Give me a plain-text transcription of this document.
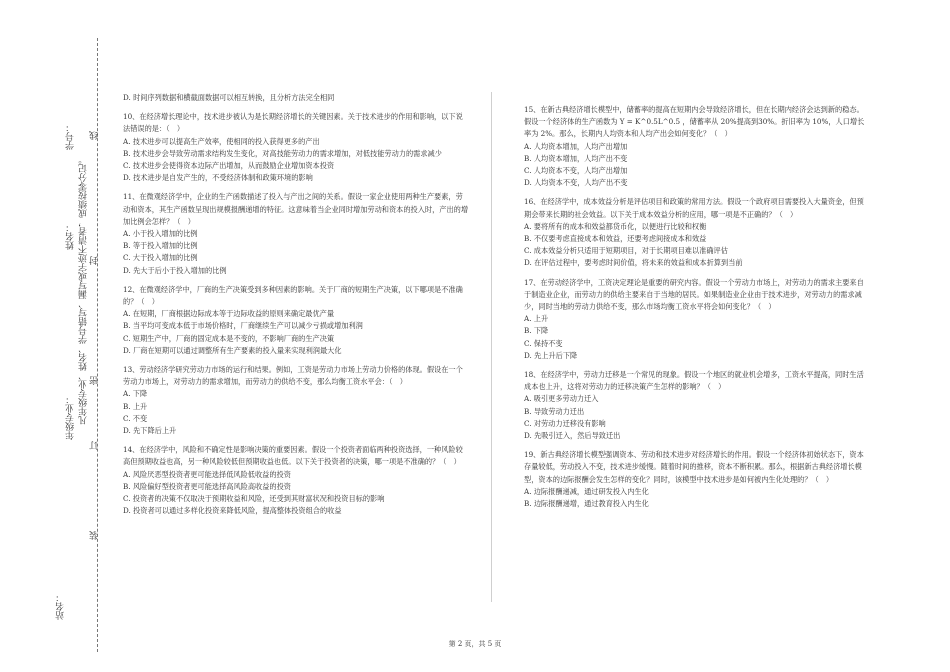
站名：
年级专业：
姓名：
学号：
凡年级专业、姓名、学号错写、漏写或字迹不清者，成绩按零分记。
线
封
密
订
装

D. 时间序列数据和横截面数据可以相互转换，且分析方法完全相同

10、在经济增长理论中，技术进步被认为是长期经济增长的关键因素。关于技术进步的作用和影响，以下说法错误的是：（　）

A. 技术进步可以提高生产效率，使相同的投入获得更多的产出

B. 技术进步会导致劳动需求结构发生变化，对高技能劳动力的需求增加，对低技能劳动力的需求减少

C. 技术进步会使得资本边际产出增加，从而鼓励企业增加资本投资

D. 技术进步是自发产生的，不受经济体制和政策环境的影响

11、在微观经济学中，企业的生产函数描述了投入与产出之间的关系。假设一家企业使用两种生产要素，劳动和资本，其生产函数呈现出规模报酬递增的特征。这意味着当企业同时增加劳动和资本的投入时，产出的增加比例会怎样？（　）

A. 小于投入增加的比例

B. 等于投入增加的比例

C. 大于投入增加的比例

D. 先大于后小于投入增加的比例

12、在微观经济学中，厂商的生产决策受到多种因素的影响。关于厂商的短期生产决策，以下哪项是不准确的？（　）

A. 在短期，厂商根据边际成本等于边际收益的原则来确定最优产量

B. 当平均可变成本低于市场价格时，厂商继续生产可以减少亏损或增加利润

C. 短期生产中，厂商的固定成本是不变的，不影响厂商的生产决策

D. 厂商在短期可以通过调整所有生产要素的投入量来实现利润最大化

13、劳动经济学研究劳动力市场的运行和结果。例如，工资是劳动力市场上劳动力价格的体现。假设在一个劳动力市场上，对劳动力的需求增加，而劳动力的供给不变，那么均衡工资水平会：（　）

A. 下降

B. 上升

C. 不变

D. 先下降后上升

14、在经济学中，风险和不确定性是影响决策的重要因素。假设一个投资者面临两种投资选择，一种风险较高但预期收益也高，另一种风险较低但预期收益也低。以下关于投资者的决策，哪一项是不准确的？（　）

A. 风险厌恶型投资者更可能选择低风险低收益的投资

B. 风险偏好型投资者更可能选择高风险高收益的投资

C. 投资者的决策不仅取决于预期收益和风险，还受到其财富状况和投资目标的影响

D. 投资者可以通过多样化投资来降低风险，提高整体投资组合的收益

15、在新古典经济增长模型中，储蓄率的提高在短期内会导致经济增长，但在长期内经济会达到新的稳态。假设一个经济体的生产函数为 Y = K^0.5L^0.5 ，储蓄率从 20%提高到30%。折旧率为 10%，人口增长率为 2%。那么，长期内人均资本和人均产出会如何变化？（　）

A. 人均资本增加，人均产出增加

B. 人均资本增加，人均产出不变

C. 人均资本不变，人均产出增加

D. 人均资本不变，人均产出不变

16、在经济学中，成本效益分析是评估项目和政策的常用方法。假设一个政府项目需要投入大量资金，但预期会带来长期的社会效益。以下关于成本效益分析的应用，哪一项是不正确的？（　）

A. 要将所有的成本和效益都货币化，以便进行比较和权衡

B. 不仅要考虑直接成本和效益，还要考虑间接成本和效益

C. 成本效益分析只适用于短期项目，对于长期项目难以准确评估

D. 在评估过程中，要考虑时间价值，将未来的效益和成本折算到当前

17、在劳动经济学中，工资决定理论是重要的研究内容。假设一个劳动力市场上，对劳动力的需求主要来自于制造业企业，而劳动力的供给主要来自于当地的居民。如果制造业企业由于技术进步，对劳动力的需求减少，同时当地的劳动力供给不变，那么市场均衡工资水平将会如何变化？（　）

A. 上升

B. 下降

C. 保持不变

D. 先上升后下降

18、在经济学中，劳动力迁移是一个常见的现象。假设一个地区的就业机会增多，工资水平提高，同时生活成本也上升，这将对劳动力的迁移决策产生怎样的影响？（　）

A. 吸引更多劳动力迁入

B. 导致劳动力迁出

C. 对劳动力迁移没有影响

D. 先吸引迁入，然后导致迁出

19、新古典经济增长模型强调资本、劳动和技术进步对经济增长的作用。假设一个经济体初始状态下，资本存量较低，劳动投入不变，技术进步缓慢。随着时间的推移，资本不断积累。那么，根据新古典经济增长模型，资本的边际报酬会发生怎样的变化？同时，该模型中技术进步是如何被内生化处理的？（　）

A. 边际报酬递减，通过研发投入内生化

B. 边际报酬递增，通过教育投入内生化

第 2 页，共 5 页
